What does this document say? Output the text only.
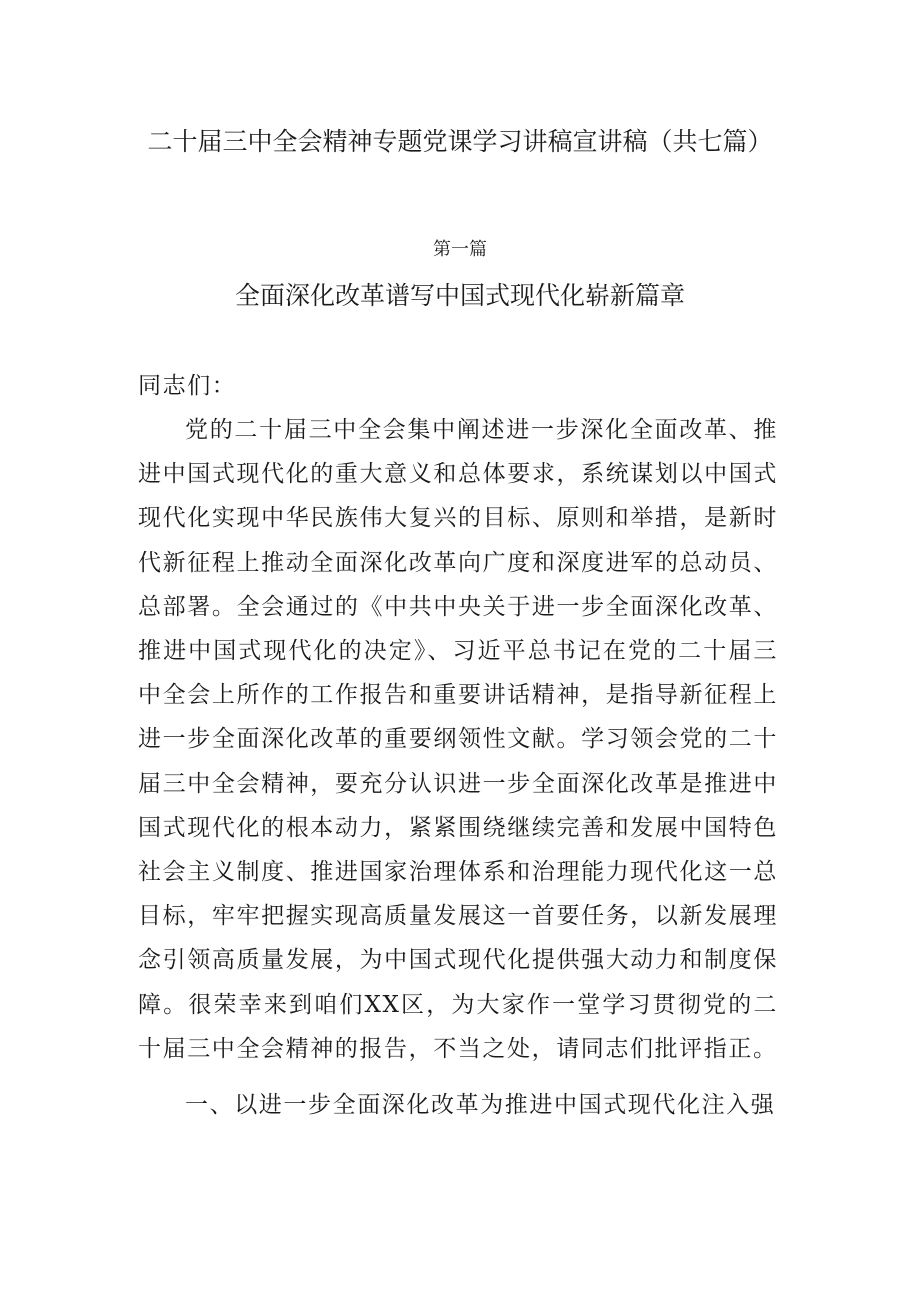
二十届三中全会精神专题党课学习讲稿宣讲稿（共七篇）
第一篇
全面深化改革谱写中国式现代化崭新篇章

同志们：

党的二十届三中全会集中阐述进一步深化全面改革、推进中国式现代化的重大意义和总体要求，系统谋划以中国式现代化实现中华民族伟大复兴的目标、原则和举措，是新时代新征程上推动全面深化改革向广度和深度进军的总动员、总部署。全会通过的《中共中央关于进一步全面深化改革、推进中国式现代化的决定》、习近平总书记在党的二十届三中全会上所作的工作报告和重要讲话精神，是指导新征程上进一步全面深化改革的重要纲领性文献。学习领会党的二十届三中全会精神，要充分认识进一步全面深化改革是推进中国式现代化的根本动力，紧紧围绕继续完善和发展中国特色社会主义制度、推进国家治理体系和治理能力现代化这一总目标，牢牢把握实现高质量发展这一首要任务，以新发展理念引领高质量发展，为中国式现代化提供强大动力和制度保障。很荣幸来到咱们XX区，为大家作一堂学习贯彻党的二十届三中全会精神的报告，不当之处，请同志们批评指正。

一、以进一步全面深化改革为推进中国式现代化注入强
